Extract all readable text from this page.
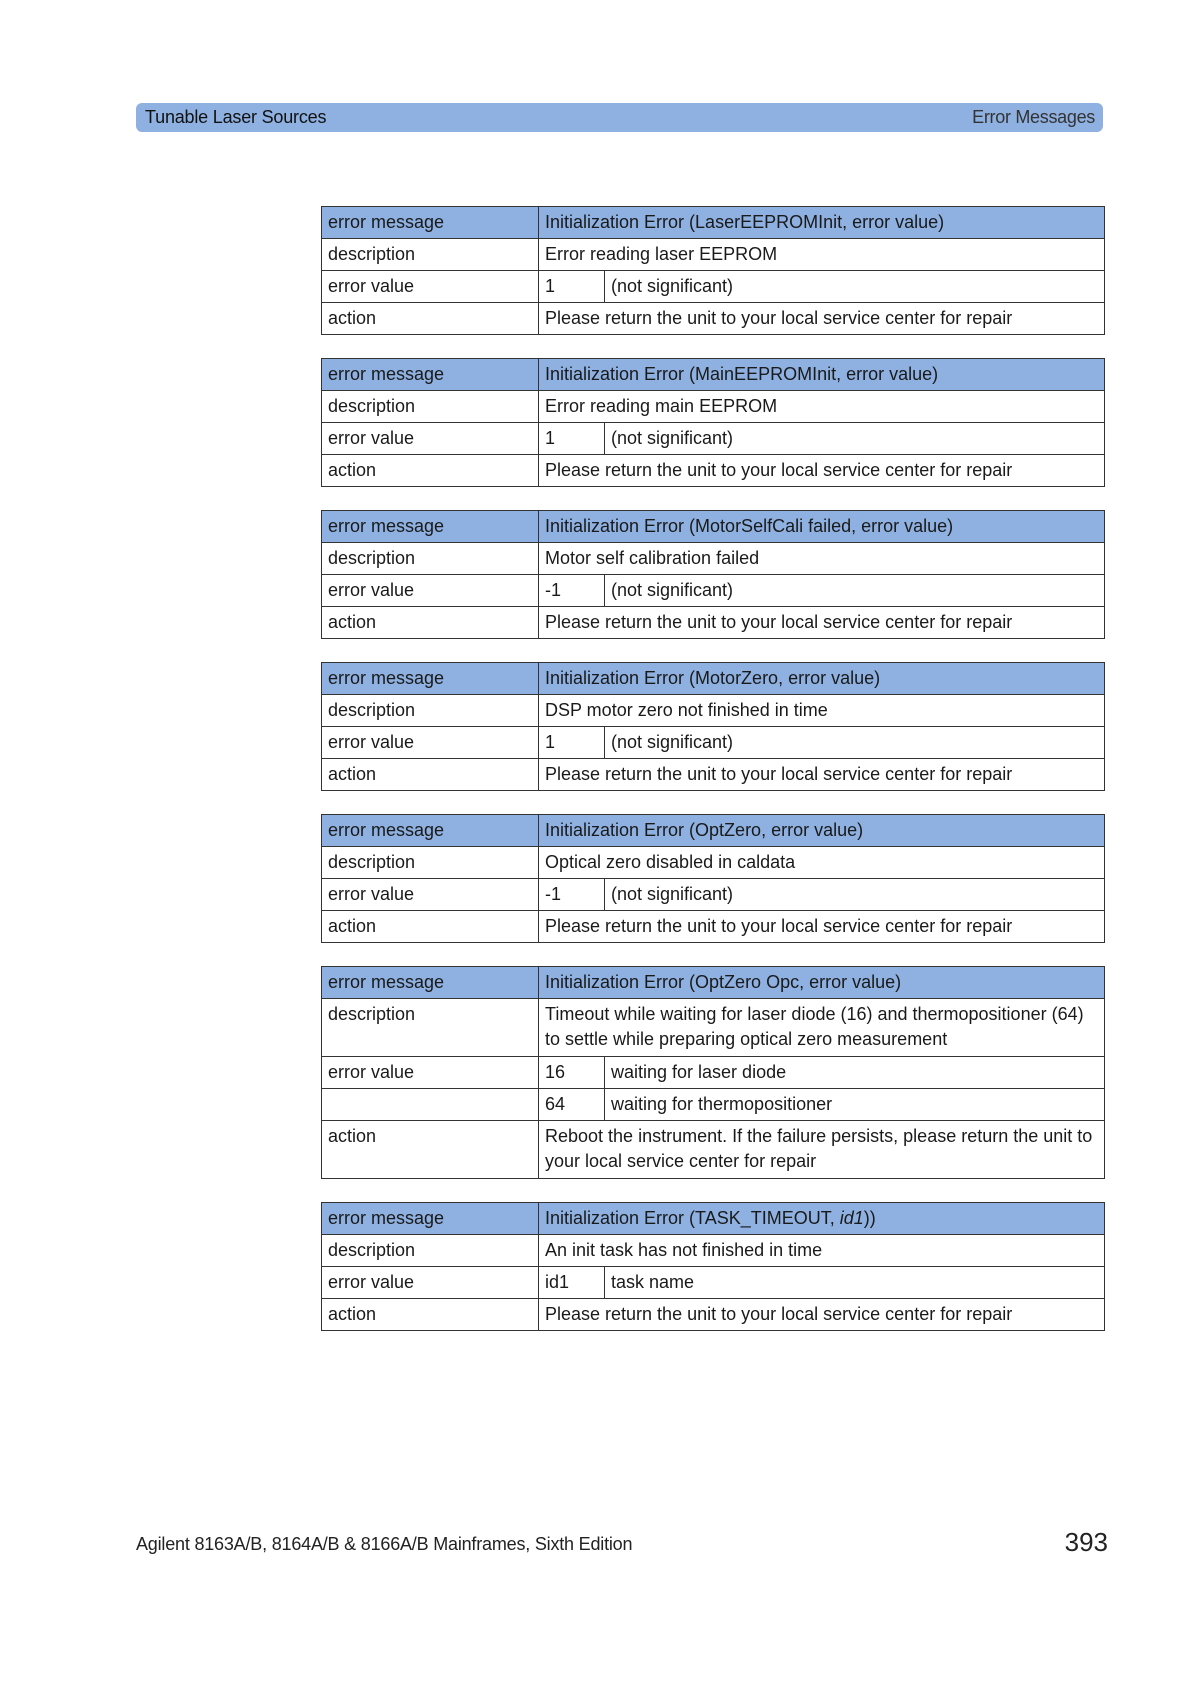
Tunable Laser Sources	Error Messages
error message	Initialization Error (LaserEEPROMInit, error value)	
description	Error reading laser EEPROM	
error value	1	(not significant)
action	Please return the unit to your local service center for repair	
error message	Initialization Error (MainEEPROMInit, error value)	
description	Error reading main EEPROM	
error value	1	(not significant)
action	Please return the unit to your local service center for repair	
error message	Initialization Error (MotorSelfCali failed, error value)	
description	Motor self calibration failed	
error value	-1	(not significant)
action	Please return the unit to your local service center for repair	
error message	Initialization Error (MotorZero, error value)	
description	DSP motor zero not finished in time	
error value	1	(not significant)
action	Please return the unit to your local service center for repair	
error message	Initialization Error (OptZero, error value)	
description	Optical zero disabled in caldata	
error value	-1	(not significant)
action	Please return the unit to your local service center for repair	
error message	Initialization Error (OptZero Opc, error value)	
description	Timeout while waiting for laser diode (16) and thermopositioner (64) to settle while preparing optical zero measurement	
error value	16	waiting for laser diode
	64	waiting for thermopositioner
action	Reboot the instrument. If the failure persists, please return the unit to your local service center for repair	
error message	Initialization Error (TASK_TIMEOUT, id1))	
description	An init task has not finished in time	
error value	id1	task name
action	Please return the unit to your local service center for repair	
Agilent 8163A/B, 8164A/B & 8166A/B Mainframes, Sixth Edition	393
